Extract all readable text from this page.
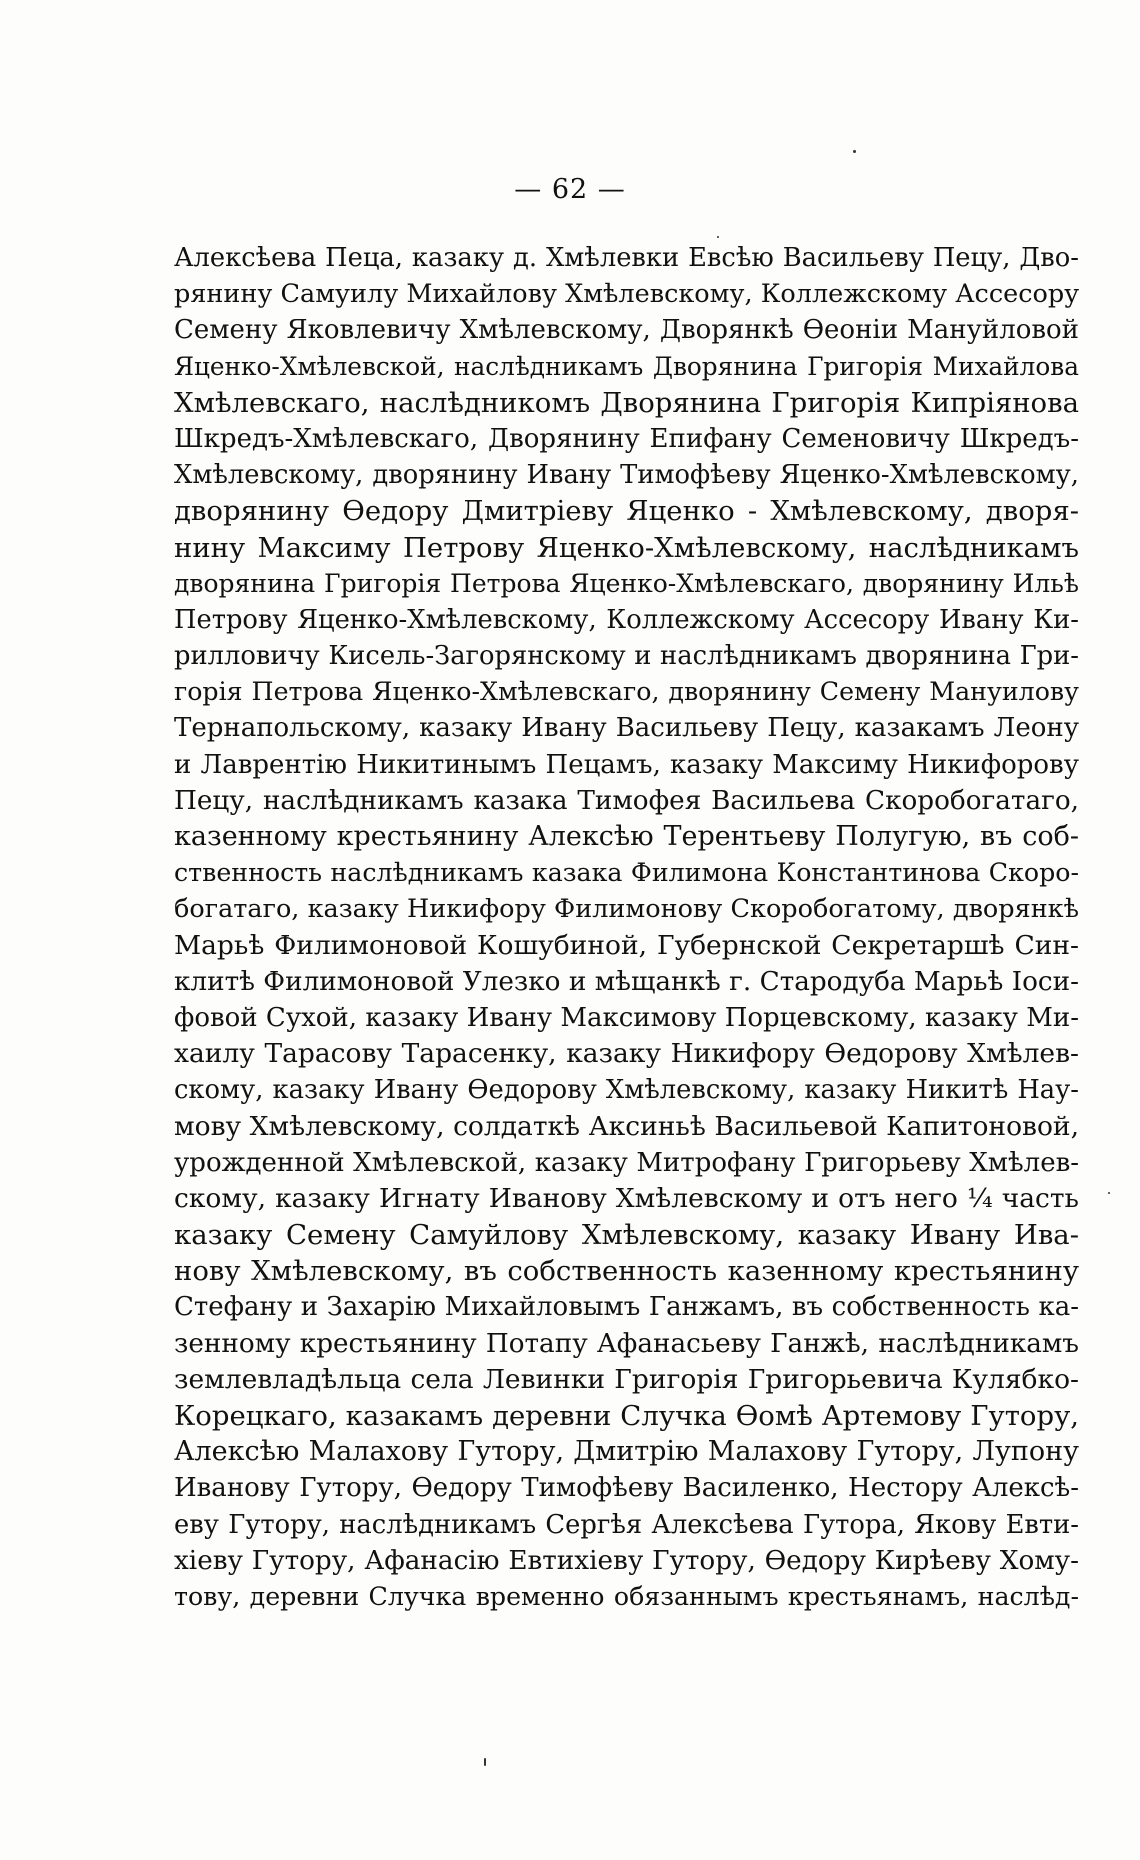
— 62 —
Алексѣева Пеца, казаку д. Хмѣлевки Евсѣю Васильеву Пецу, Дво-
рянину Самуилу Михайлову Хмѣлевскому, Коллежскому Ассесору
Семену Яковлевичу Хмѣлевскому, Дворянкѣ Ѳеоніи Мануйловой
Яценко-Хмѣлевской, наслѣдникамъ Дворянина Григорія Михайлова
Хмѣлевскаго, наслѣдникомъ Дворянина Григорія Кипріянова
Шкредъ-Хмѣлевскаго, Дворянину Епифану Семеновичу Шкредъ-
Хмѣлевскому, дворянину Ивану Тимофѣеву Яценко-Хмѣлевскому,
дворянину Ѳедору Дмитріеву Яценко - Хмѣлевскому, дворя-
нину Максиму Петрову Яценко-Хмѣлевскому, наслѣдникамъ
дворянина Григорія Петрова Яценко-Хмѣлевскаго, дворянину Ильѣ
Петрову Яценко-Хмѣлевскому, Коллежскому Ассесору Ивану Ки-
рилловичу Кисель-Загорянскому и наслѣдникамъ дворянина Гри-
горія Петрова Яценко-Хмѣлевскаго, дворянину Семену Мануилову
Тернапольскому, казаку Ивану Васильеву Пецу, казакамъ Леону
и Лаврентію Никитинымъ Пецамъ, казаку Максиму Никифорову
Пецу, наслѣдникамъ казака Тимофея Васильева Скоробогатаго,
казенному крестьянину Алексѣю Терентьеву Полугую, въ соб-
ственность наслѣдникамъ казака Филимона Константинова Скоро-
богатаго, казаку Никифору Филимонову Скоробогатому, дворянкѣ
Марьѣ Филимоновой Кошубиной, Губернской Секретаршѣ Син-
клитѣ Филимоновой Улезко и мѣщанкѣ г. Стародуба Марьѣ Іоси-
фовой Сухой, казаку Ивану Максимову Порцевскому, казаку Ми-
хаилу Тарасову Тарасенку, казаку Никифору Ѳедорову Хмѣлев-
скому, казаку Ивану Ѳедорову Хмѣлевскому, казаку Никитѣ Нау-
мову Хмѣлевскому, солдаткѣ Аксиньѣ Васильевой Капитоновой,
урожденной Хмѣлевской, казаку Митрофану Григорьеву Хмѣлев-
скому, казаку Игнату Иванову Хмѣлевскому и отъ него ¼ часть
казаку Семену Самуйлову Хмѣлевскому, казаку Ивану Ива-
нову Хмѣлевскому, въ собственность казенному крестьянину
Стефану и Захарію Михайловымъ Ганжамъ, въ собственность ка-
зенному крестьянину Потапу Афанасьеву Ганжѣ, наслѣдникамъ
землевладѣльца села Левинки Григорія Григорьевича Кулябко-
Корецкаго, казакамъ деревни Случка Ѳомѣ Артемову Гутору,
Алексѣю Малахову Гутору, Дмитрію Малахову Гутору, Лупону
Иванову Гутору, Ѳедору Тимофѣеву Василенко, Нестору Алексѣ-
еву Гутору, наслѣдникамъ Сергѣя Алексѣева Гутора, Якову Евти-
хіеву Гутору, Афанасію Евтихіеву Гутору, Ѳедору Кирѣеву Хому-
тову, деревни Случка временно обязаннымъ крестьянамъ, наслѣд-
